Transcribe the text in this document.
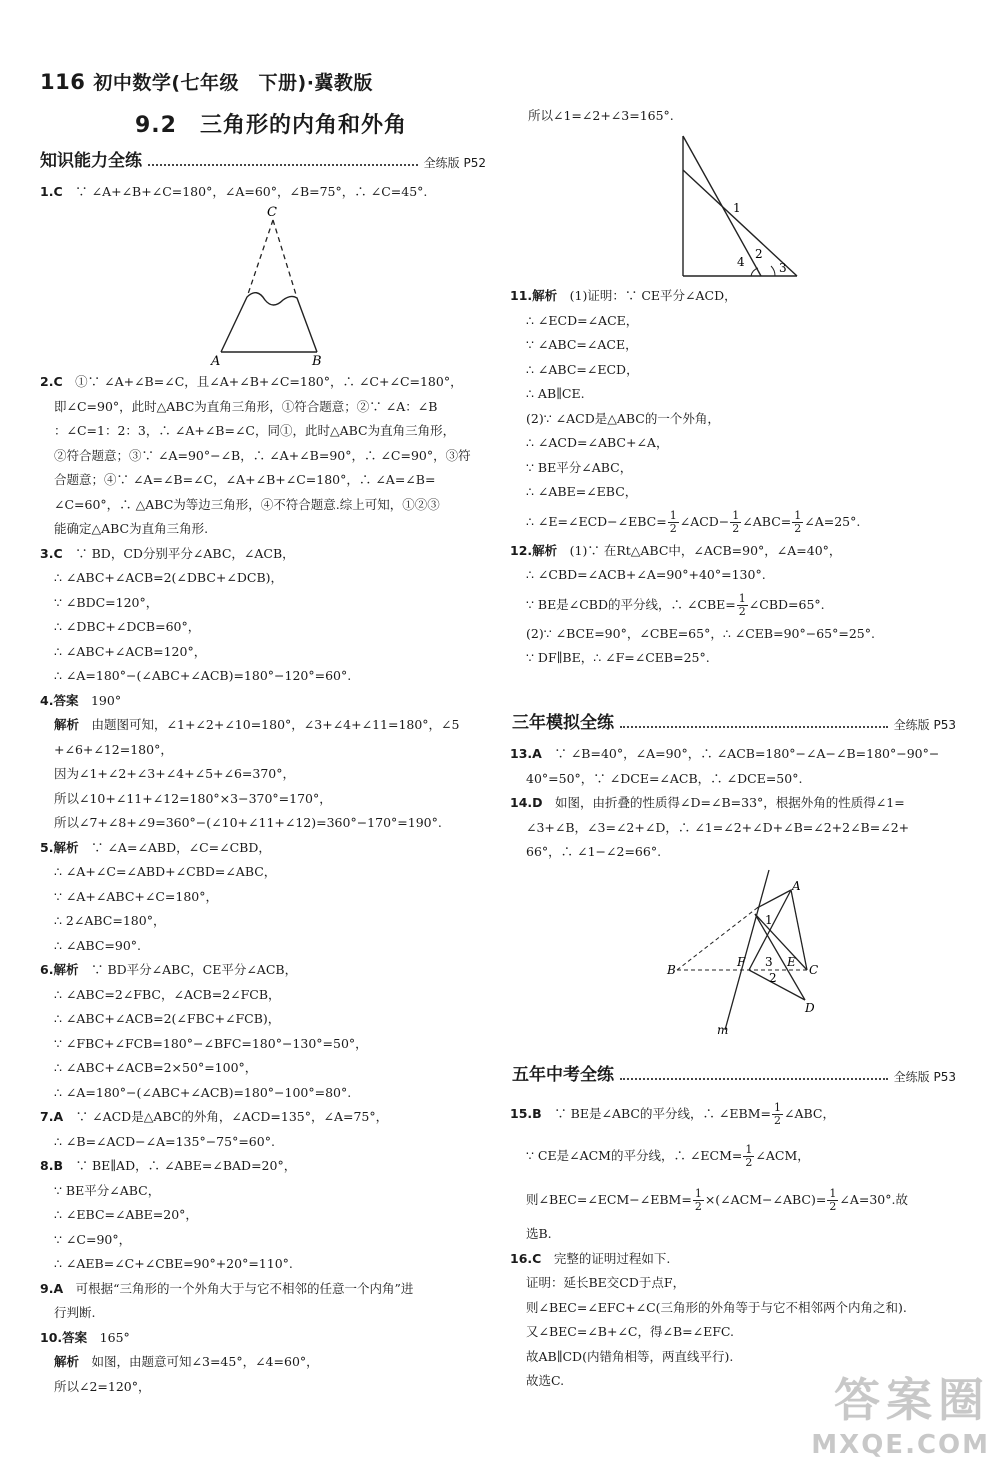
116 初中数学(七年级　下册)·冀教版
9.2　三角形的内角和外角
知识能力全练	全练版 P52
1.C　 ∵ ∠A+∠B+∠C=180°，∠A=60°，∠B=75°，∴ ∠C=45°.
C
A	B
2.C　 ①∵ ∠A+∠B=∠C，且∠A+∠B+∠C=180°，∴ ∠C+∠C=180°，
即∠C=90°，此时△ABC为直角三角形，①符合题意；②∵ ∠A：∠B
：∠C=1：2：3，∴ ∠A+∠B=∠C，同①，此时△ABC为直角三角形，
②符合题意；③∵ ∠A=90°−∠B，∴ ∠A+∠B=90°，∴ ∠C=90°，③符
合题意；④∵ ∠A=∠B=∠C，∠A+∠B+∠C=180°，∴ ∠A=∠B=
∠C=60°，∴ △ABC为等边三角形，④不符合题意.综上可知，①②③
能确定△ABC为直角三角形.
3.C　 ∵ BD，CD分别平分∠ABC，∠ACB，
∴ ∠ABC+∠ACB=2(∠DBC+∠DCB)，
∵ ∠BDC=120°，
∴ ∠DBC+∠DCB=60°，
∴ ∠ABC+∠ACB=120°，
∴ ∠A=180°−(∠ABC+∠ACB)=180°−120°=60°.
4.答案　 190°
解析　 由题图可知，∠1+∠2+∠10=180°，∠3+∠4+∠11=180°，∠5
+∠6+∠12=180°，
因为∠1+∠2+∠3+∠4+∠5+∠6=370°，
所以∠10+∠11+∠12=180°×3−370°=170°，
所以∠7+∠8+∠9=360°−(∠10+∠11+∠12)=360°−170°=190°.
5.解析　 ∵ ∠A=∠ABD，∠C=∠CBD，
∴ ∠A+∠C=∠ABD+∠CBD=∠ABC，
∵ ∠A+∠ABC+∠C=180°，
∴ 2∠ABC=180°，
∴ ∠ABC=90°.
6.解析　 ∵ BD平分∠ABC，CE平分∠ACB，
∴ ∠ABC=2∠FBC，∠ACB=2∠FCB，
∴ ∠ABC+∠ACB=2(∠FBC+∠FCB)，
∵ ∠FBC+∠FCB=180°−∠BFC=180°−130°=50°，
∴ ∠ABC+∠ACB=2×50°=100°，
∴ ∠A=180°−(∠ABC+∠ACB)=180°−100°=80°.
7.A　 ∵ ∠ACD是△ABC的外角，∠ACD=135°，∠A=75°，
∴ ∠B=∠ACD−∠A=135°−75°=60°.
8.B　 ∵ BE∥AD，∴ ∠ABE=∠BAD=20°，
∵ BE平分∠ABC，
∴ ∠EBC=∠ABE=20°，
∵ ∠C=90°，
∴ ∠AEB=∠C+∠CBE=90°+20°=110°.
9.A　 可根据“三角形的一个外角大于与它不相邻的任意一个内角”进
行判断.
10.答案　 165°
解析　 如图，由题意可知∠3=45°，∠4=60°，
所以∠2=120°，
所以∠1=∠2+∠3=165°.
1
2
3
4
11.解析　 (1)证明：∵ CE平分∠ACD，
∴ ∠ECD=∠ACE，
∵ ∠ABC=∠ACE，
∴ ∠ABC=∠ECD，
∴ AB∥CE.
(2)∵ ∠ACD是△ABC的一个外角，
∴ ∠ACD=∠ABC+∠A，
∵ BE平分∠ABC，
∴ ∠ABE=∠EBC，
∴ ∠E=∠ECD−∠EBC= $\frac{1}{2}$ ∠ACD− $\frac{1}{2}$ ∠ABC= $\frac{1}{2}$ ∠A=25°.
12.解析　 (1)∵ 在Rt△ABC中，∠ACB=90°，∠A=40°，
∴ ∠CBD=∠ACB+∠A=90°+40°=130°.
∵ BE是∠CBD的平分线，∴ ∠CBE= $\frac{1}{2}$ ∠CBD=65°.
(2)∵ ∠BCE=90°，∠CBE=65°，∴ ∠CEB=90°−65°=25°.
∵ DF∥BE，∴ ∠F=∠CEB=25°.
三年模拟全练	全练版 P53
13.A　 ∵ ∠B=40°，∠A=90°，∴ ∠ACB=180°−∠A−∠B=180°−90°−
40°=50°，∵ ∠DCE=∠ACB，∴ ∠DCE=50°.
14.D　 如图，由折叠的性质得∠D=∠B=33°，根据外角的性质得∠1=
∠3+∠B，∠3=∠2+∠D，∴ ∠1=∠2+∠D+∠B=∠2+2∠B=∠2+
66°，∴ ∠1−∠2=66°.
A
1
B
F 3 E
C
2
D
m
五年中考全练	全练版 P53
15.B　 ∵ BE是∠ABC的平分线，∴ ∠EBM= $\frac{1}{2}$ ∠ABC，
∵ CE是∠ACM的平分线，∴ ∠ECM= $\frac{1}{2}$ ∠ACM，
则∠BEC=∠ECM−∠EBM= $\frac{1}{2}$ ×(∠ACM−∠ABC)= $\frac{1}{2}$ ∠A=30°.故
选B.
16.C　 完整的证明过程如下.
证明：延长BE交CD于点F，
则∠BEC=∠EFC+∠C(三角形的外角等于与它不相邻两个内角之和).
又∠BEC=∠B+∠C，得∠B=∠EFC.
故AB∥CD(内错角相等，两直线平行).
故选C.	答案圈
MXQE.COM
